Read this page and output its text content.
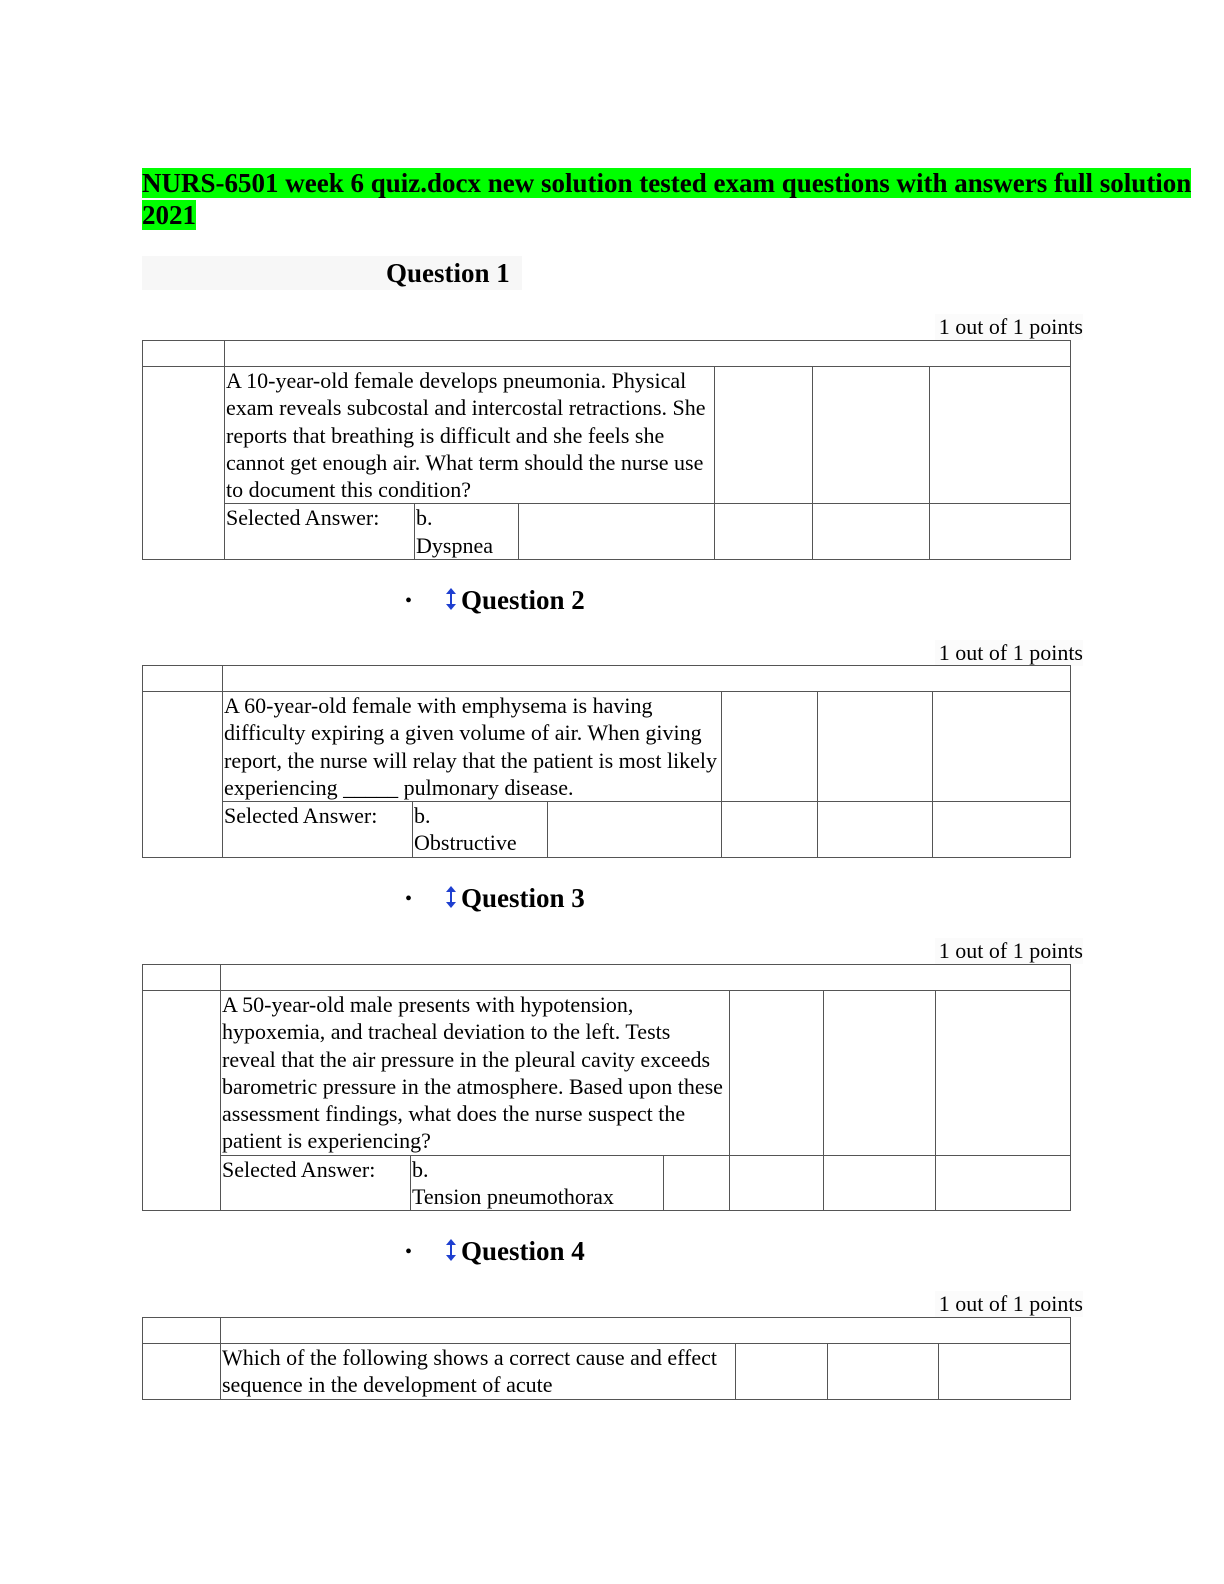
NURS-6501 week 6 quiz.docx new solution tested exam questions with answers full solution 2021
Question 1
1 out of 1 points

	A 10-year-old female develops pneumonia. Physical exam reveals subcostal and intercostal retractions. She reports that breathing is difficult and she feels she cannot get enough air. What term should the nurse use to document this condition?			

Selected Answer:	b.
Dyspnea

• Question 2
1 out of 1 points

	A 60-year-old female with emphysema is having difficulty expiring a given volume of air. When giving report, the nurse will relay that the patient is most likely experiencing _____ pulmonary disease.			

Selected Answer:	b.
Obstructive

• Question 3
1 out of 1 points

	A 50-year-old male presents with hypotension, hypoxemia, and tracheal deviation to the left. Tests reveal that the air pressure in the pleural cavity exceeds barometric pressure in the atmosphere. Based upon these assessment findings, what does the nurse suspect the patient is experiencing?			

Selected Answer:	b.
Tension pneumothorax

• Question 4
1 out of 1 points

	Which of the following shows a correct cause and effect sequence in the development of acute			
